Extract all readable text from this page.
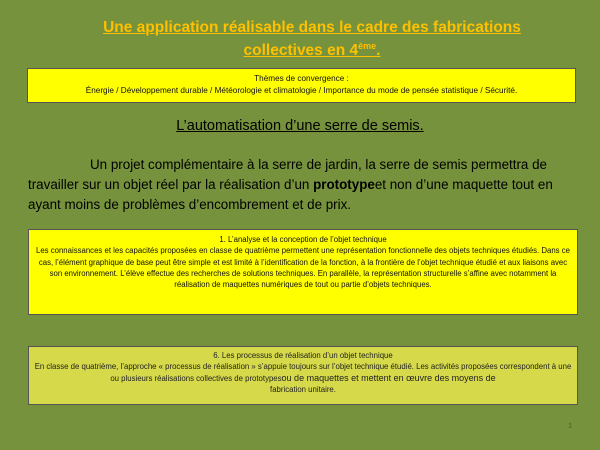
Une application réalisable dans le cadre des fabrications collectives en 4ème.
Thèmes de convergence :
Énergie / Développement durable / Météorologie et climatologie / Importance du mode de pensée statistique / Sécurité.
L’automatisation d’une serre de semis.
Un projet complémentaire à la serre de jardin, la serre de semis permettra de travailler sur un objet réel par la réalisation d’un prototypeet non d’une maquette tout en ayant moins de problèmes d’encombrement et de prix.
1. L’analyse et la conception de l’objet technique
Les connaissances et les capacités proposées en classe de quatrième permettent une représentation fonctionnelle des objets techniques étudiés. Dans ce cas, l’élément graphique de base peut être simple et est limité à l’identification de la fonction, à la frontière de l’objet technique étudié et aux liaisons avec son environnement. L’élève effectue des recherches de solutions techniques. En parallèle, la représentation structurelle s’affine avec notamment la réalisation de maquettes numériques de tout ou partie d’objets techniques.
6. Les processus de réalisation d’un objet technique
En classe de quatrième, l’approche « processus de réalisation » s’appuie toujours sur l’objet technique étudié. Les activités proposées correspondent à une ou plusieurs réalisations collectives de prototypesou de maquettes et mettent en œuvre des moyens de
fabrication unitaire.
1
